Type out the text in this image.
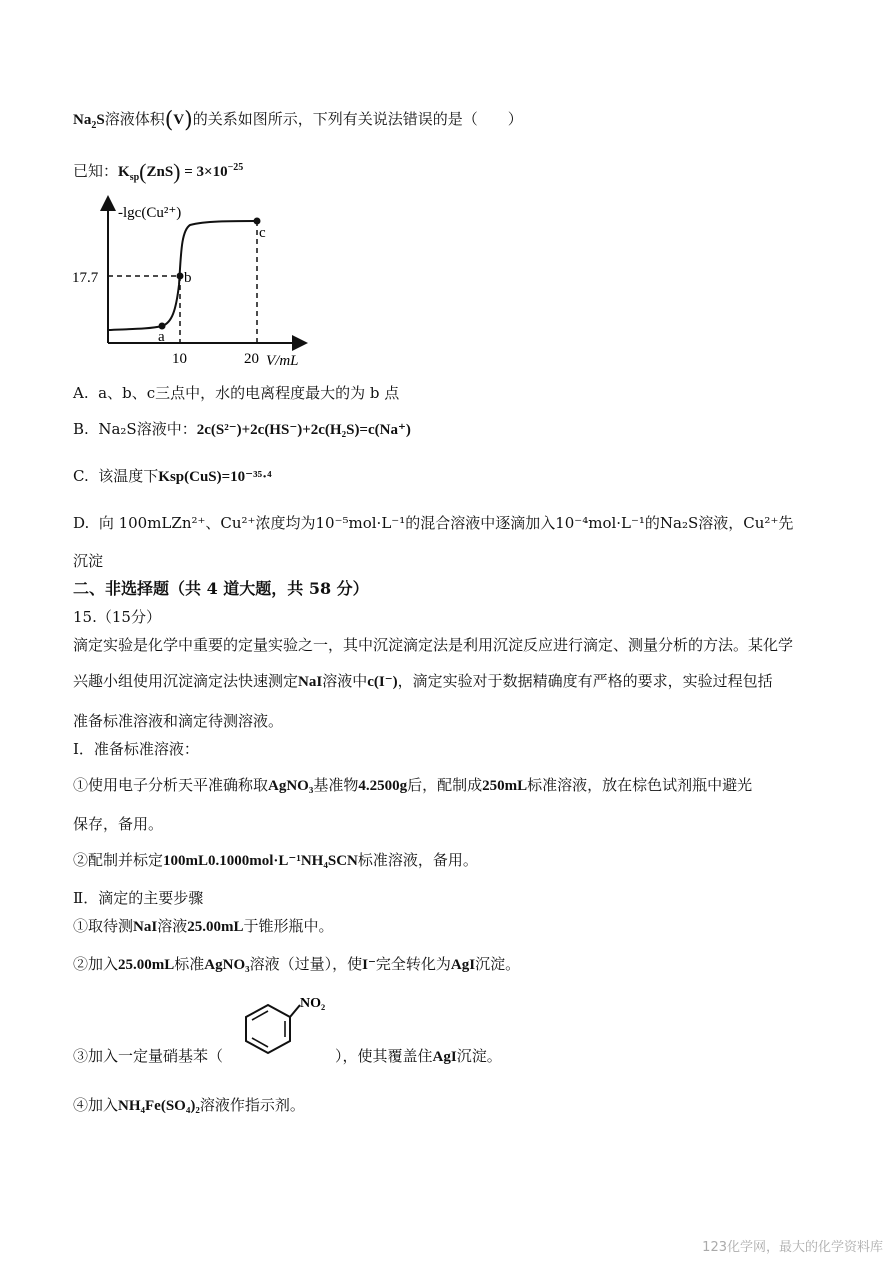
$Na_2S$溶液体积(V)的关系如图所示，下列有关说法错误的是（　　）
已知：$K_{sp}(ZnS) = 3\times 10^{-25}$
-lgc(Cu²⁺)
V/mL
17.7
10	20
a
b
c
A. a、b、c三点中，水的电离程度最大的为 b 点
B. Na₂S溶液中：2c(S²⁻)+2c(HS⁻)+2c(H₂S)=c(Na⁺)
C. 该温度下Ksp(CuS)=10⁻³⁵·⁴
D. 向 100mLZn²⁺、Cu²⁺浓度均为10⁻⁵mol·L⁻¹的混合溶液中逐滴加入10⁻⁴mol·L⁻¹的Na₂S溶液，Cu²⁺先
沉淀
二、非选择题（共 4 道大题，共 58 分）
15.（15分）
滴定实验是化学中重要的定量实验之一，其中沉淀滴定法是利用沉淀反应进行滴定、测量分析的方法。某化学
兴趣小组使用沉淀滴定法快速测定NaI溶液中c(I⁻)，滴定实验对于数据精确度有严格的要求，实验过程包括
准备标准溶液和滴定待测溶液。
Ⅰ．准备标准溶液：
①使用电子分析天平准确称取AgNO₃基准物4.2500g后，配制成250mL标准溶液，放在棕色试剂瓶中避光
保存，备用。
②配制并标定100mL0.1000mol·L⁻¹NH₄SCN标准溶液，备用。
Ⅱ．滴定的主要步骤
①取待测NaI溶液25.00mL于锥形瓶中。
②加入25.00mL标准AgNO₃溶液（过量），使I⁻完全转化为AgI沉淀。
NO₂
③加入一定量硝基苯（	），使其覆盖住AgI沉淀。
④加入NH₄Fe(SO₄)₂溶液作指示剂。
123化学网，最大的化学资料库
